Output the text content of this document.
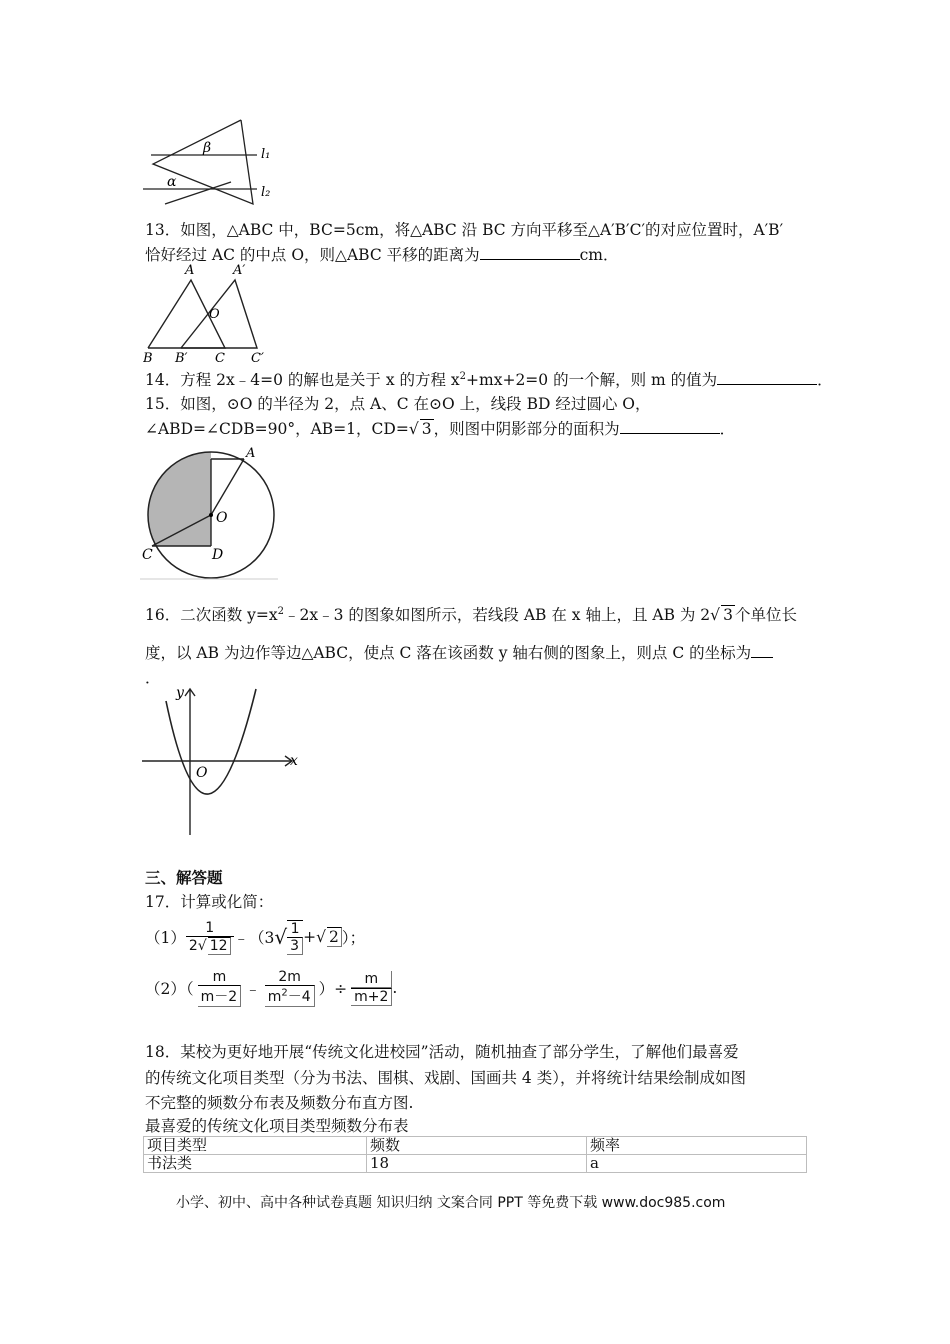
β
α
l₁
l₂
13．如图，△ABC 中，BC=5cm，将△ABC 沿 BC 方向平移至△A′B′C′的对应位置时，A′B′
恰好经过 AC 的中点 O，则△ABC 平移的距离为	cm．
A	A′
O
B B′ C C′
14．方程 2x﹣4=0 的解也是关于 x 的方程 $x^2+mx+2=0$ 的一个解，则 m 的值为	．
15．如图，⊙O 的半径为 2，点 A、C 在⊙O 上，线段 BD 经过圆心 O，
∠ABD=∠CDB=90°，AB=1，CD=√ 3 ，则图中阴影部分的面积为	．
A
O
C	D
16．二次函数 $y=x^2﹣2x﹣3$ 的图象如图所示，若线段 AB 在 x 轴上，且 AB 为 2√ 3 个单位长
度，以 AB 为边作等边△ABC，使点 C 落在该函数 y 轴右侧的图象上，则点 C 的坐标为
．
y
x
O
三、解答题
17．计算或化简：
$(1) \frac{1}{2√ 12}$ ﹣（3 √ $\frac{1}{3}$ + √ 2 ）；
$(2)( \frac{m}{m-2}$ ﹣ $\frac{2m}{m^2-4}$ ）÷ $\frac{m}{m+2}$ .
18．某校为更好地开展“传统文化进校园”活动，随机抽查了部分学生，了解他们最喜爱
的传统文化项目类型（分为书法、围棋、戏剧、国画共 4 类），并将统计结果绘制成如图
不完整的频数分布表及频数分布直方图.
最喜爱的传统文化项目类型频数分布表
项目类型	频数	频率
书法类	18	a
小学、初中、高中各种试卷真题 知识归纳 文案合同 PPT 等免费下载 www.doc985.com
